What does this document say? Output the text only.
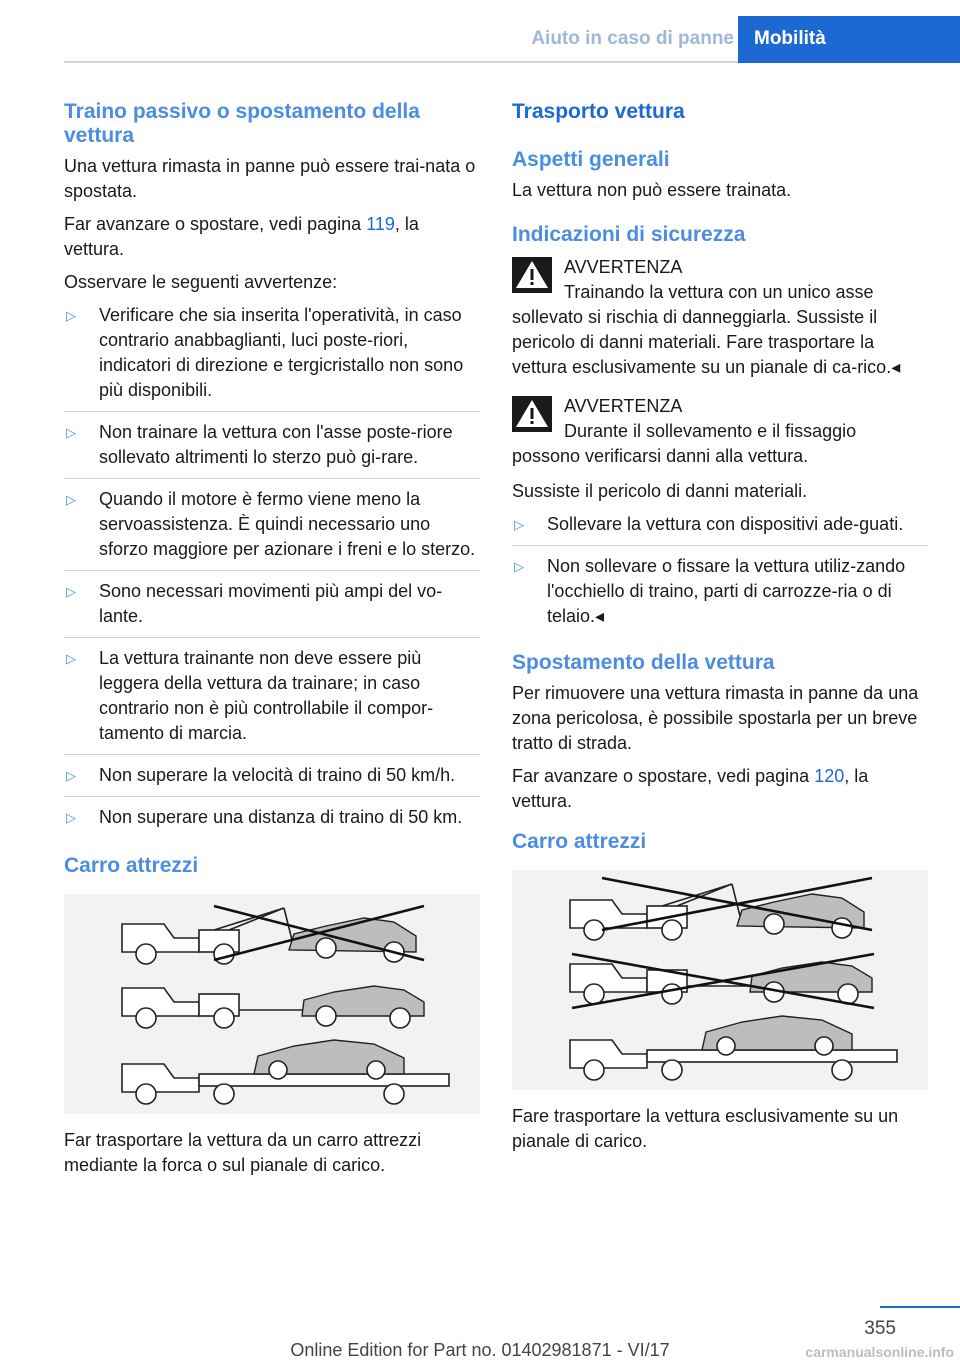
Aiuto in caso di panne	Mobilità
Traino passivo o spostamento della vettura

Una vettura rimasta in panne può essere trai-nata o spostata.

Far avanzare o spostare, vedi pagina 119, la vettura.

Osservare le seguenti avvertenze:

▷ Verificare che sia inserita l'operatività, in caso contrario anabbaglianti, luci poste-riori, indicatori di direzione e tergicristallo non sono più disponibili.
▷ Non trainare la vettura con l'asse poste-riore sollevato altrimenti lo sterzo può gi-rare.
▷ Quando il motore è fermo viene meno la servoassistenza. È quindi necessario uno sforzo maggiore per azionare i freni e lo sterzo.
▷ Sono necessari movimenti più ampi del vo-lante.
▷ La vettura trainante non deve essere più leggera della vettura da trainare; in caso contrario non è più controllabile il compor-tamento di marcia.
▷ Non superare la velocità di traino di 50 km/h.
▷ Non superare una distanza di traino di 50 km.
Carro attrezzi

Far trasportare la vettura da un carro attrezzi mediante la forca o sul pianale di carico.

Trasporto vettura
Aspetti generali

La vettura non può essere trainata.

Indicazioni di sicurezza
AVVERTENZA
Trainando la vettura con un unico asse sollevato si rischia di danneggiarla. Sussiste il pericolo di danni materiali. Fare trasportare la vettura esclusivamente su un pianale di ca-rico.◂
AVVERTENZA
Durante il sollevamento e il fissaggio possono verificarsi danni alla vettura.

Sussiste il pericolo di danni materiali.

▷ Sollevare la vettura con dispositivi ade-guati.
▷ Non sollevare o fissare la vettura utiliz-zando l'occhiello di traino, parti di carrozze-ria o di telaio.◂
Spostamento della vettura

Per rimuovere una vettura rimasta in panne da una zona pericolosa, è possibile spostarla per un breve tratto di strada.

Far avanzare o spostare, vedi pagina 120, la vettura.

Carro attrezzi

Fare trasportare la vettura esclusivamente su un pianale di carico.

355
Online Edition for Part no. 01402981871 - VI/17	carmanualsonline.info
